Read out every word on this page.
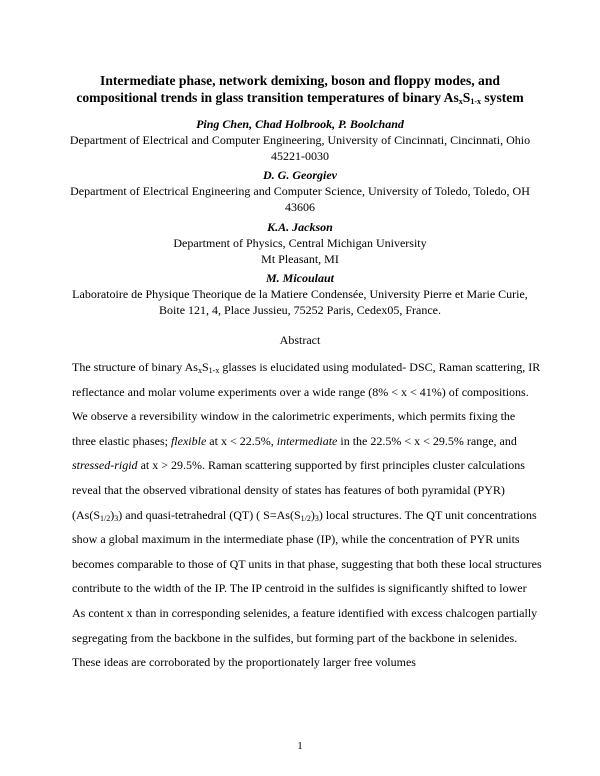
Intermediate phase, network demixing, boson and floppy modes, and
compositional trends in glass transition temperatures of binary $As_xS_{1-x}$ system
Ping Chen, Chad Holbrook, P. Boolchand
Department of Electrical and Computer Engineering, University of Cincinnati, Cincinnati, Ohio
45221-0030
D. G. Georgiev
Department of Electrical Engineering and Computer Science, University of Toledo, Toledo, OH
43606
K.A. Jackson
Department of Physics, Central Michigan University
Mt Pleasant, MI
M. Micoulaut
Laboratoire de Physique Theorique de la Matiere Condensée, University Pierre et Marie Curie,
Boite 121, 4, Place Jussieu, 75252 Paris, Cedex05, France.
Abstract
The structure of binary $As_xS_{1-x}$ glasses is elucidated using modulated- DSC, Raman scattering, IR reflectance and molar volume experiments over a wide range (8% < x < 41%) of compositions. We observe a reversibility window in the calorimetric experiments, which permits fixing the three elastic phases; flexible at x < 22.5%, intermediate in the 22.5% < x < 29.5% range, and stressed-rigid at x > 29.5%. Raman scattering supported by first principles cluster calculations reveal that the observed vibrational density of states has features of both pyramidal (PYR) $(As(S_{1/2})_3)$ and quasi-tetrahedral (QT) ( $S=As(S_{1/2})_3$) local structures. The QT unit concentrations show a global maximum in the intermediate phase (IP), while the concentration of PYR units becomes comparable to those of QT units in that phase, suggesting that both these local structures contribute to the width of the IP. The IP centroid in the sulfides is significantly shifted to lower As content x than in corresponding selenides, a feature identified with excess chalcogen partially segregating from the backbone in the sulfides, but forming part of the backbone in selenides. These ideas are corroborated by the proportionately larger free volumes
1
